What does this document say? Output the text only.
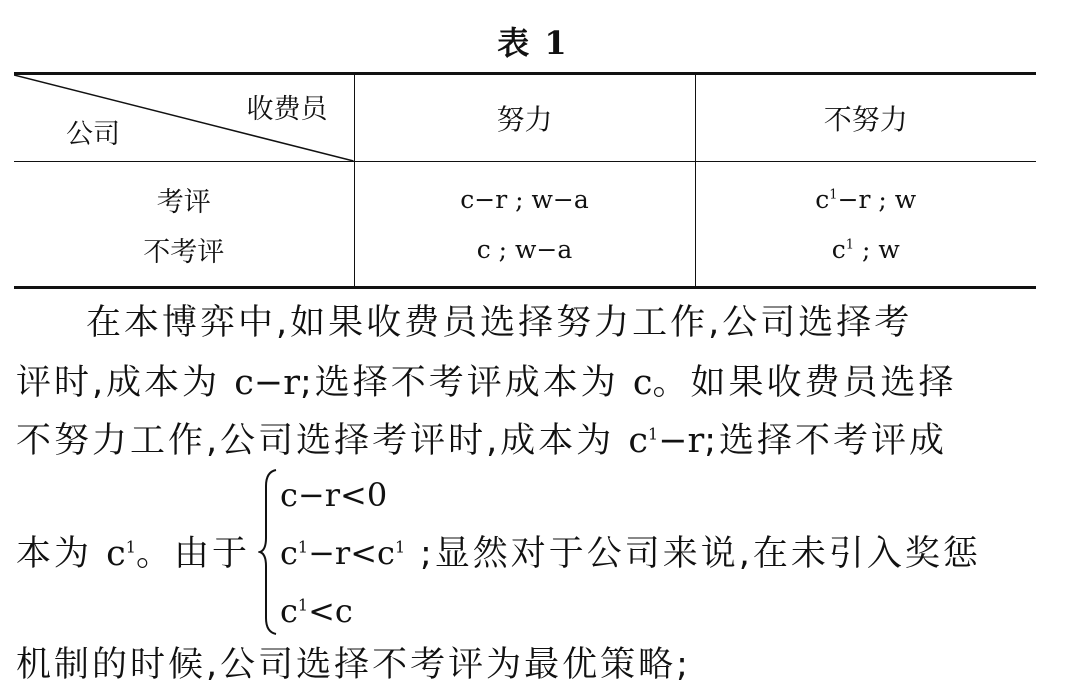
表 1
收费员
公司	努力	不努力
考评	c−r ; w−a	$c^1-r$ ; w
不考评	c ; w−a	$c^1$ ; w
在本博弈中,如果收费员选择努力工作,公司选择考
评时,成本为 c−r;选择不考评成本为 c。如果收费员选择
不努力工作,公司选择考评时,成本为 $c^1-r$;选择不考评成
本为 $c^1$。由于	;显然对于公司来说,在未引入奖惩
c−r<0
$c^1-r<c^1$
$c^1<c$
机制的时候,公司选择不考评为最优策略;
